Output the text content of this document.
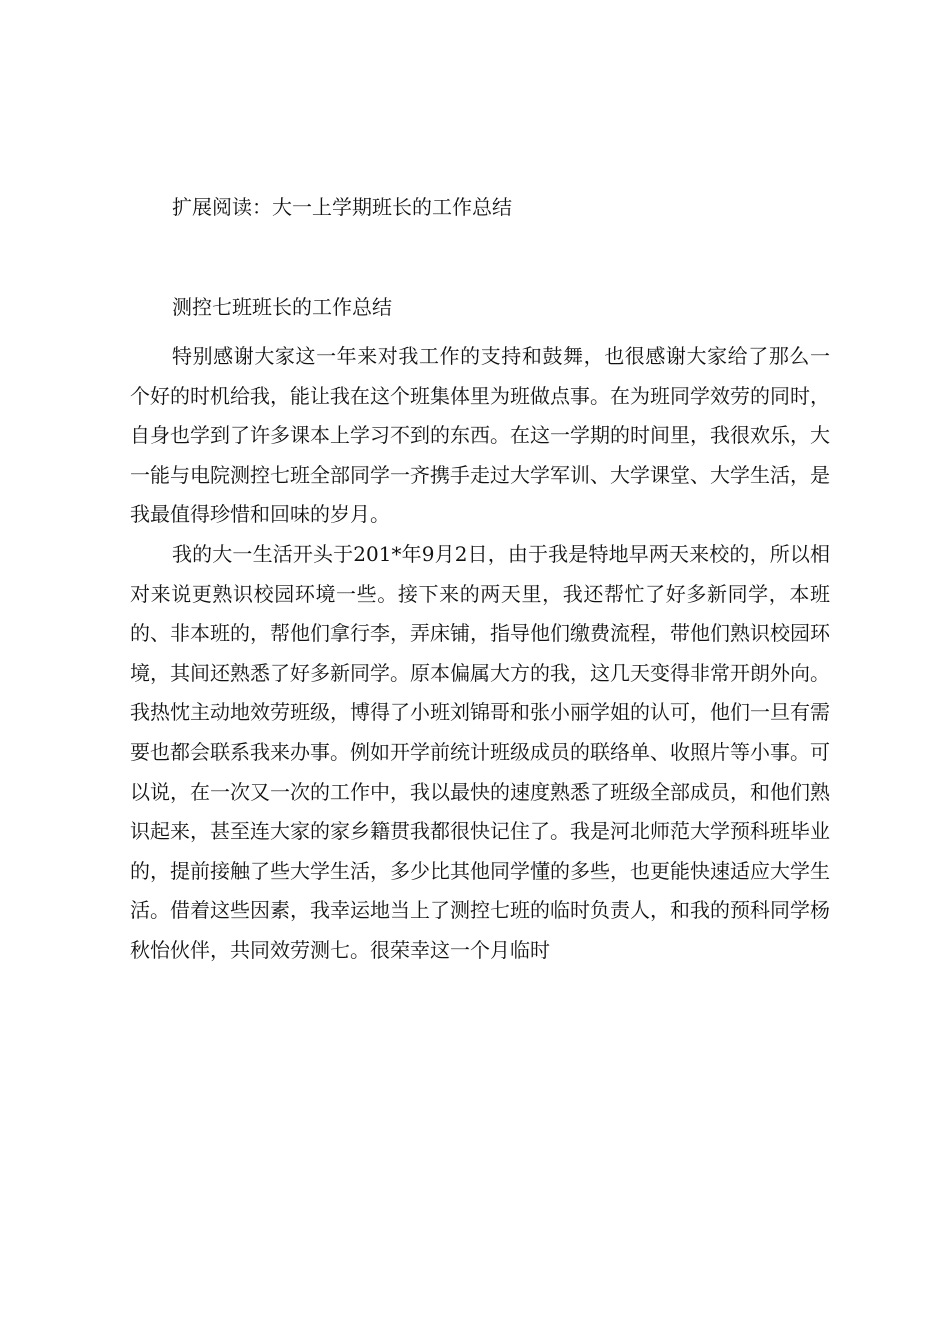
扩展阅读：大一上学期班长的工作总结
测控七班班长的工作总结

特别感谢大家这一年来对我工作的支持和鼓舞，也很感谢大家给了那么一个好的时机给我，能让我在这个班集体里为班做点事。在为班同学效劳的同时，自身也学到了许多课本上学习不到的东西。在这一学期的时间里，我很欢乐，大一能与电院测控七班全部同学一齐携手走过大学军训、大学课堂、大学生活，是我最值得珍惜和回味的岁月。

我的大一生活开头于201*年9月2日，由于我是特地早两天来校的，所以相对来说更熟识校园环境一些。接下来的两天里，我还帮忙了好多新同学，本班的、非本班的，帮他们拿行李，弄床铺，指导他们缴费流程，带他们熟识校园环境，其间还熟悉了好多新同学。原本偏属大方的我，这几天变得非常开朗外向。我热忱主动地效劳班级，博得了小班刘锦哥和张小丽学姐的认可，他们一旦有需要也都会联系我来办事。例如开学前统计班级成员的联络单、收照片等小事。可以说，在一次又一次的工作中，我以最快的速度熟悉了班级全部成员，和他们熟识起来，甚至连大家的家乡籍贯我都很快记住了。我是河北师范大学预科班毕业的，提前接触了些大学生活，多少比其他同学懂的多些，也更能快速适应大学生活。借着这些因素，我幸运地当上了测控七班的临时负责人，和我的预科同学杨秋怡伙伴，共同效劳测七。很荣幸这一个月临时
